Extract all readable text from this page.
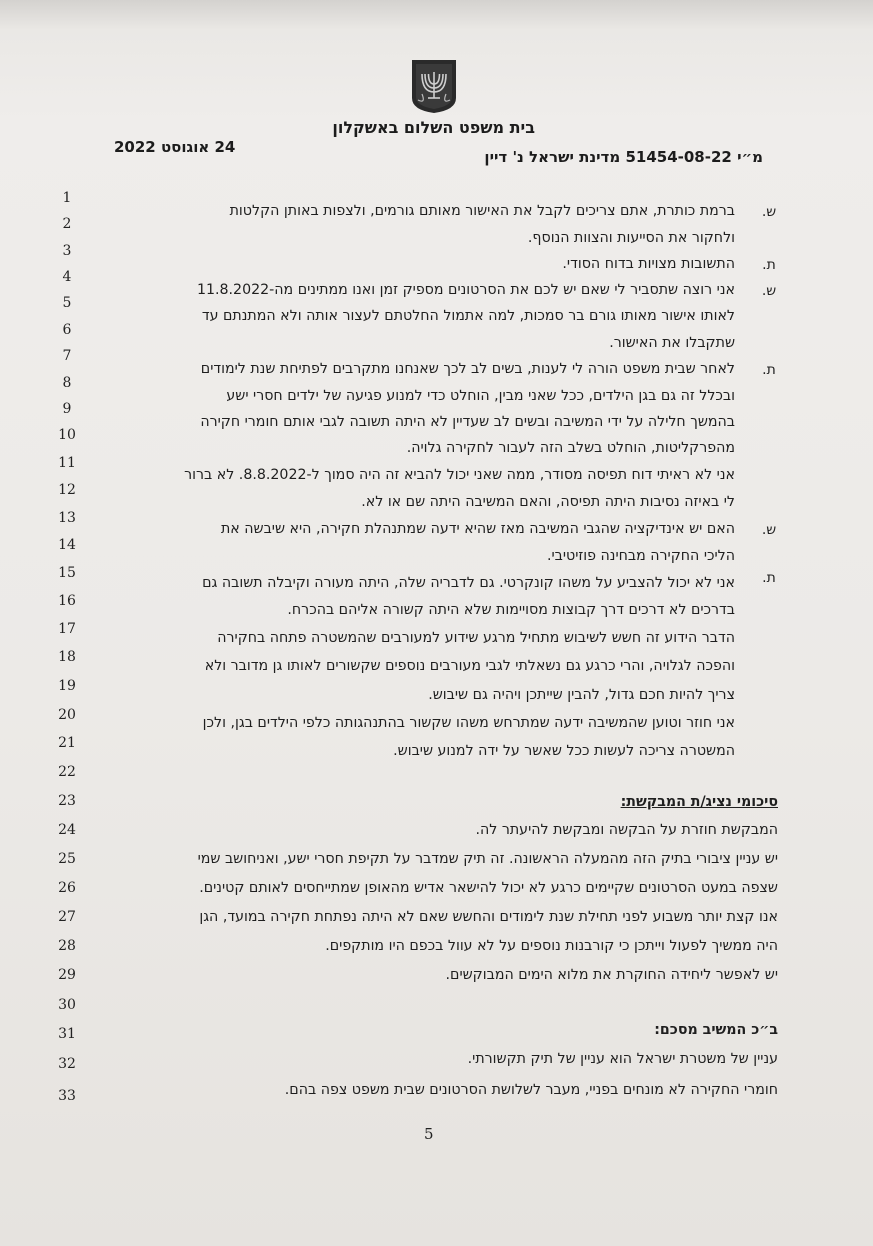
בית משפט השלום באשקלון
24 אוגוסט 2022
מ״י 51454-08-22 מדינת ישראל נ' דיין
1
2
3
4
5
6
7
8
9
10
11
12
13
14
15
16
17
18
19
20
21
22
23
24
25
26
27
28
29
30
31
32
33
ש.
ת.
ש.
ת.
ש.
ת.
ברמת כותרת, אתם צריכים לקבל את האישור מאותם גורמים, ולצפות באותן הקלטות
ולחקור את הסייעות והצוות הנוסף.
התשובות מצויות בדוח הסודי.
אני רוצה שתסביר לי שאם יש לכם את הסרטונים מספיק זמן ואנו ממתינים מה-11.8.2022
לאותו אישור מאותו גורם בר סמכות, למה אתמול החלטתם לעצור אותה ולא המתנתם עד
שתקבלו את האישור.
לאחר שבית משפט הורה לי לענות, בשים לב לכך שאנחנו מתקרבים לפתיחת שנת לימודים
ובכלל זה גם בגן הילדים, ככל שאני מבין, הוחלט כדי למנוע פגיעה של ילדים חסרי ישע
בהמשך חלילה על ידי המשיבה ובשים לב שעדיין לא היתה תשובה לגבי אותם חומרי חקירה
מהפרקליטות, הוחלט בשלב הזה לעבור לחקירה גלויה.
אני לא ראיתי דוח תפיסה מסודר, ממה שאני יכול להביא זה היה סמוך ל-8.8.2022. לא ברור
לי באיזה נסיבות היתה תפיסה, והאם המשיבה היתה שם או לא.
האם יש אינדיקציה שהגבי המשיבה מאז שהיא ידעה שמתנהלת חקירה, היא שיבשה את
הליכי החקירה מבחינה פוזיטיבי.
אני לא יכול להצביע על משהו קונקרטי. גם לדבריה שלה, היתה מעורה וקיבלה תשובה גם
בדרכים לא דרכים דרך קבוצות מסויימות שלא היתה קשורה אליהם בהכרח.
הדבר הידוע זה חשש לשיבוש מתחיל מרגע שידוע למעורבים שהמשטרה פתחה בחקירה
והפכה לגלויה, והרי כרגע גם נשאלתי לגבי מעורבים נוספים שקשורים לאותו גן מדובר ולא
צריך להיות חכם גדול, להבין שייתכן ויהיה גם שיבוש.
אני חוזר וטוען שהמשיבה ידעה שמתרחש משהו שקשור בהתנהגותה כלפי הילדים בגן, ולכן
המשטרה צריכה לעשות ככל שאשר על ידה למנוע שיבוש.
סיכומי נציג/ת המבקשת:
המבקשת חוזרת על הבקשה ומבקשת להיעתר לה.
יש עניין ציבורי בתיק הזה מהמעלה הראשונה. זה תיק שמדבר על תקיפת חסרי ישע, ואניחושב שמי
שצפה במעט הסרטונים שקיימים כרגע לא יכול להישאר אדיש מהאופן שמתייחסים לאותם קטינים.
אנו קצת יותר משבוע לפני תחילת שנת לימודים והחשש שאם לא היתה נפתחת חקירה במועד, הגן
היה ממשיך לפעול וייתכן כי קורבנות נוספים על לא עוול בכפם היו מותקפים.
יש לאפשר ליחידה החוקרת את מלוא הימים המבוקשים.
ב״כ המשיב מסכם:
עניין של משטרת ישראל הוא עניין של תיק תקשורתי.
חומרי החקירה לא מונחים בפניי, מעבר לשלושת הסרטונים שבית משפט צפה בהם.
5
